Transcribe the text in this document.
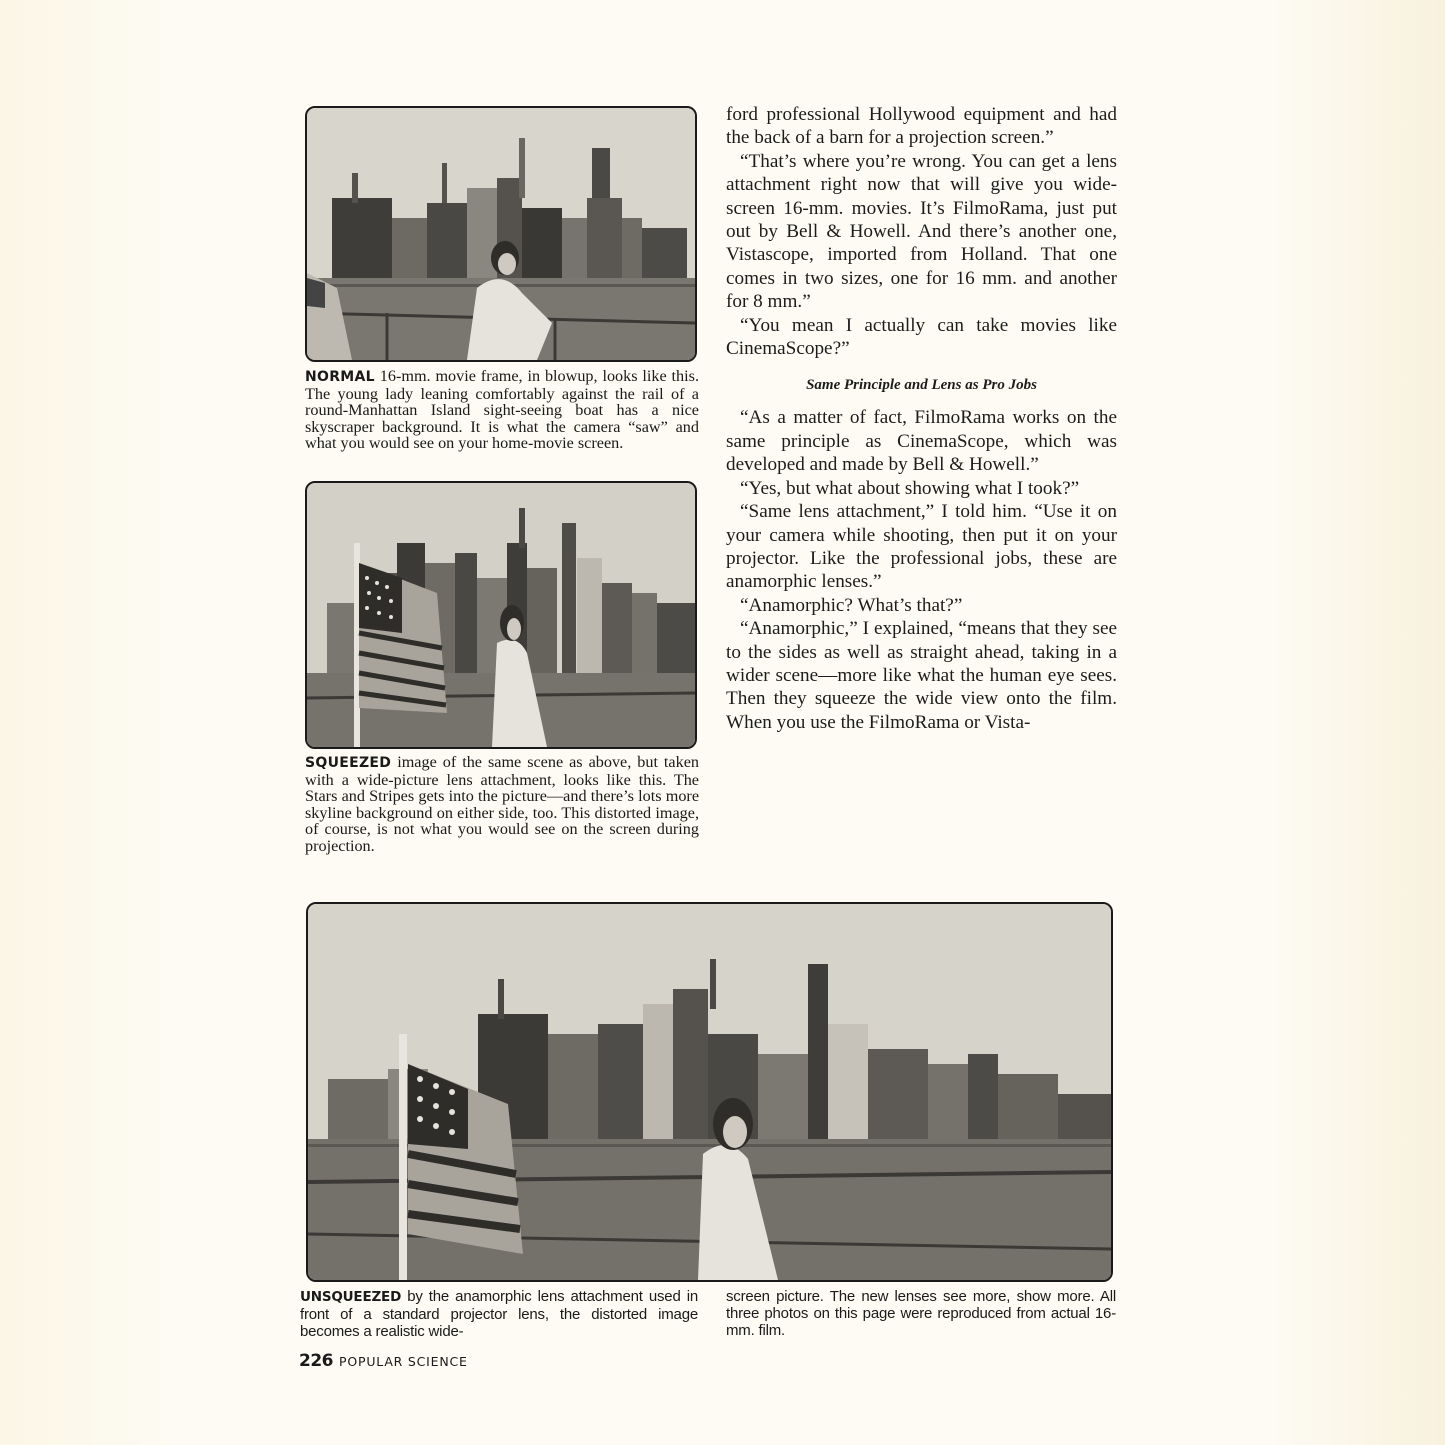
NORMAL 16-mm. movie frame, in blowup, looks like this. The young lady leaning comfortably against the rail of a round-Manhattan Island sight-seeing boat has a nice skyscraper background. It is what the camera “saw” and what you would see on your home-movie screen.
SQUEEZED image of the same scene as above, but taken with a wide-picture lens attachment, looks like this. The Stars and Stripes gets into the picture—and there’s lots more skyline background on either side, too. This distorted image, of course, is not what you would see on the screen during projection.

ford professional Hollywood equipment and had the back of a barn for a projection screen.”

“That’s where you’re wrong. You can get a lens attachment right now that will give you wide-screen 16-mm. movies. It’s FilmoRama, just put out by Bell & Howell. And there’s another one, Vistascope, imported from Holland. That one comes in two sizes, one for 16 mm. and another for 8 mm.”

“You mean I actually can take movies like CinemaScope?”

Same Principle and Lens as Pro Jobs

“As a matter of fact, FilmoRama works on the same principle as CinemaScope, which was developed and made by Bell & Howell.”

“Yes, but what about showing what I took?”

“Same lens attachment,” I told him. “Use it on your camera while shooting, then put it on your projector. Like the professional jobs, these are anamorphic lenses.”

“Anamorphic? What’s that?”

“Anamorphic,” I explained, “means that they see to the sides as well as straight ahead, taking in a wider scene—more like what the human eye sees. Then they squeeze the wide view onto the film. When you use the FilmoRama or Vista-

UNSQUEEZED by the anamorphic lens attachment used in front of a standard projector lens, the distorted image becomes a realistic wide-
screen picture. The new lenses see more, show more. All three photos on this page were reproduced from actual 16-mm. film.
226 POPULAR SCIENCE
